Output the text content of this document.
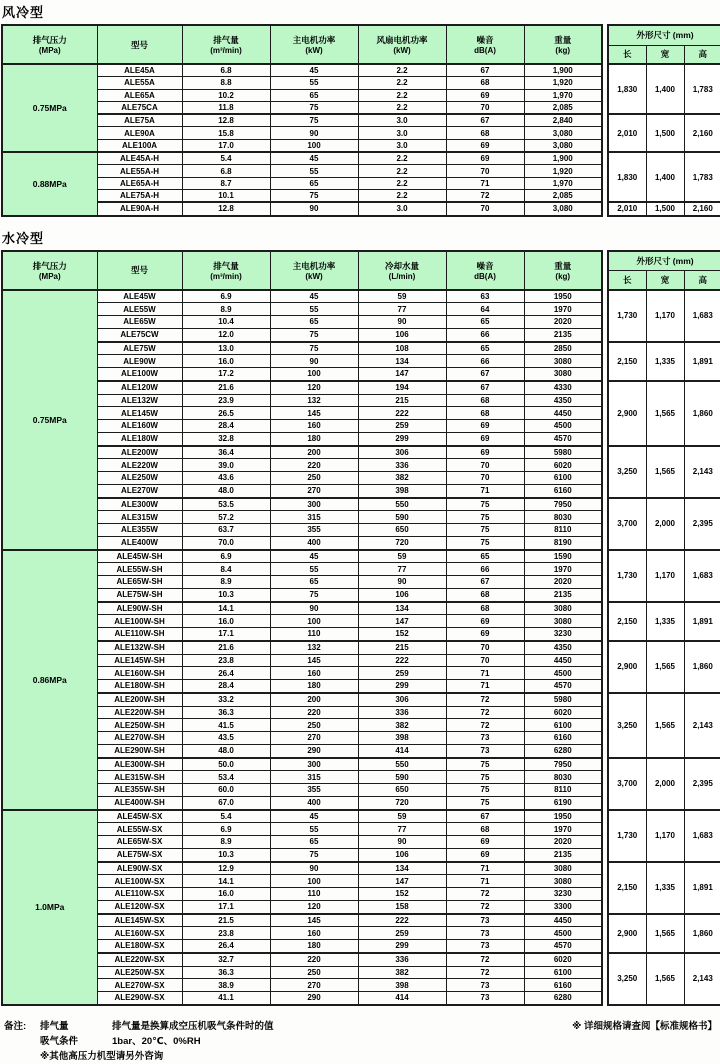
风冷型
排气压力
(MPa)

型号	排气量
(m³/min)

主电机功率
(kW)

风扇电机功率
(kW)

噪音
dB(A)

重量
(kg)
		外形尺寸 (mm)
								长	宽	高
0.75MPa	ALE45A	6.8	45	2.2	67	1,900		1,830	1,400	1,783
	ALE55A	8.8	55	2.2	68	1,920				
	ALE65A	10.2	65	2.2	69	1,970				
	ALE75CA	11.8	75	2.2	70	2,085				
	ALE75A	12.8	75	3.0	67	2,840		2,010	1,500	2,160
	ALE90A	15.8	90	3.0	68	3,080				
	ALE100A	17.0	100	3.0	69	3,080				
0.88MPa	ALE45A-H	5.4	45	2.2	69	1,900		1,830	1,400	1,783
	ALE55A-H	6.8	55	2.2	70	1,920				
	ALE65A-H	8.7	65	2.2	71	1,970				
	ALE75A-H	10.1	75	2.2	72	2,085				
	ALE90A-H	12.8	90	3.0	70	3,080		2,010	1,500	2,160
水冷型
排气压力
(MPa)

型号	排气量
(m³/min)

主电机功率
(kW)

冷却水量
(L/min)

噪音
dB(A)

重量
(kg)
		外形尺寸 (mm)
								长	宽	高
0.75MPa	ALE45W	6.9	45	59	63	1950		1,730	1,170	1,683
	ALE55W	8.9	55	77	64	1970				
	ALE65W	10.4	65	90	65	2020				
	ALE75CW	12.0	75	106	66	2135				
	ALE75W	13.0	75	108	65	2850		2,150	1,335	1,891
	ALE90W	16.0	90	134	66	3080				
	ALE100W	17.2	100	147	67	3080				
	ALE120W	21.6	120	194	67	4330		2,900	1,565	1,860
	ALE132W	23.9	132	215	68	4350				
	ALE145W	26.5	145	222	68	4450				
	ALE160W	28.4	160	259	69	4500				
	ALE180W	32.8	180	299	69	4570				
	ALE200W	36.4	200	306	69	5980		3,250	1,565	2,143
	ALE220W	39.0	220	336	70	6020				
	ALE250W	43.6	250	382	70	6100				
	ALE270W	48.0	270	398	71	6160				
	ALE300W	53.5	300	550	75	7950		3,700	2,000	2,395
	ALE315W	57.2	315	590	75	8030				
	ALE355W	63.7	355	650	75	8110				
	ALE400W	70.0	400	720	75	8190				
0.86MPa	ALE45W-SH	6.9	45	59	65	1590		1,730	1,170	1,683
	ALE55W-SH	8.4	55	77	66	1970				
	ALE65W-SH	8.9	65	90	67	2020				
	ALE75W-SH	10.3	75	106	68	2135				
	ALE90W-SH	14.1	90	134	68	3080		2,150	1,335	1,891
	ALE100W-SH	16.0	100	147	69	3080				
	ALE110W-SH	17.1	110	152	69	3230				
	ALE132W-SH	21.6	132	215	70	4350		2,900	1,565	1,860
	ALE145W-SH	23.8	145	222	70	4450				
	ALE160W-SH	26.4	160	259	71	4500				
	ALE180W-SH	28.4	180	299	71	4570				
	ALE200W-SH	33.2	200	306	72	5980		3,250	1,565	2,143
	ALE220W-SH	36.3	220	336	72	6020				
	ALE250W-SH	41.5	250	382	72	6100				
	ALE270W-SH	43.5	270	398	73	6160				
	ALE290W-SH	48.0	290	414	73	6280				
	ALE300W-SH	50.0	300	550	75	7950		3,700	2,000	2,395
	ALE315W-SH	53.4	315	590	75	8030				
	ALE355W-SH	60.0	355	650	75	8110				
	ALE400W-SH	67.0	400	720	75	6190				
1.0MPa	ALE45W-SX	5.4	45	59	67	1950		1,730	1,170	1,683
	ALE55W-SX	6.9	55	77	68	1970				
	ALE65W-SX	8.9	65	90	69	2020				
	ALE75W-SX	10.3	75	106	69	2135				
	ALE90W-SX	12.9	90	134	71	3080		2,150	1,335	1,891
	ALE100W-SX	14.1	100	147	71	3080				
	ALE110W-SX	16.0	110	152	72	3230				
	ALE120W-SX	17.1	120	158	72	3300				
	ALE145W-SX	21.5	145	222	73	4450		2,900	1,565	1,860
	ALE160W-SX	23.8	160	259	73	4500				
	ALE180W-SX	26.4	180	299	73	4570				
	ALE220W-SX	32.7	220	336	72	6020		3,250	1,565	2,143
	ALE250W-SX	36.3	250	382	72	6100				
	ALE270W-SX	38.9	270	398	73	6160				
	ALE290W-SX	41.1	290	414	73	6280				
备注:	排气量	排气量是换算成空压机吸气条件时的值
吸气条件	1bar、20℃、0%RH
※其他高压力机型请另外咨询
※ 详细规格请查阅【标准规格书】
